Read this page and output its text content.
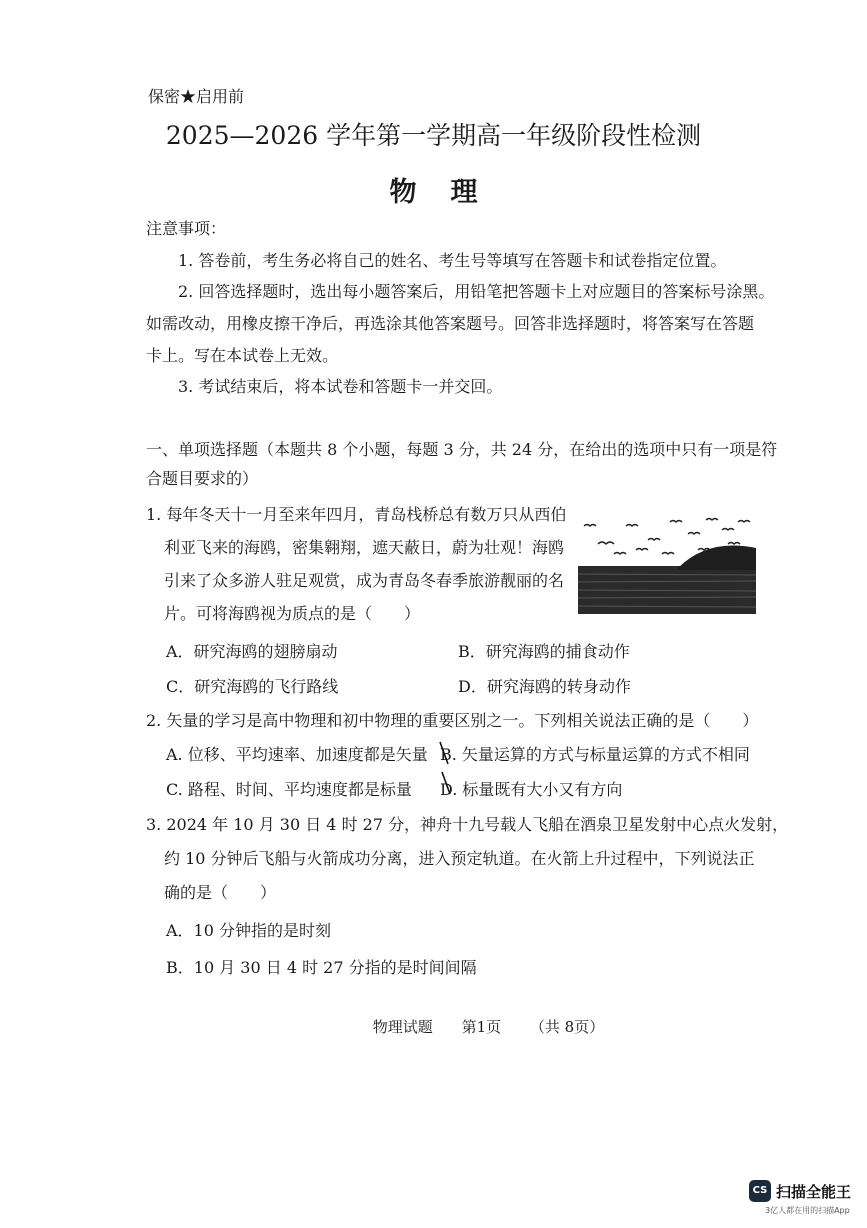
保密★启用前
2025—2026 学年第一学期高一年级阶段性检测
物理
注意事项：
1. 答卷前，考生务必将自己的姓名、考生号等填写在答题卡和试卷指定位置。
2. 回答选择题时，选出每小题答案后，用铅笔把答题卡上对应题目的答案标号涂黑。
如需改动，用橡皮擦干净后，再选涂其他答案题号。回答非选择题时，将答案写在答题
卡上。写在本试卷上无效。
3. 考试结束后，将本试卷和答题卡一并交回。
一、单项选择题（本题共 8 个小题，每题 3 分，共 24 分，在给出的选项中只有一项是符
合题目要求的）
1. 每年冬天十一月至来年四月，青岛栈桥总有数万只从西伯
利亚飞来的海鸥，密集翱翔，遮天蔽日，蔚为壮观！海鸥
引来了众多游人驻足观赏，成为青岛冬春季旅游靓丽的名
片。可将海鸥视为质点的是（　　）
A．研究海鸥的翅膀扇动	B．研究海鸥的捕食动作
C．研究海鸥的飞行路线	D．研究海鸥的转身动作
2. 矢量的学习是高中物理和初中物理的重要区别之一。下列相关说法正确的是（　　）
A. 位移、平均速率、加速度都是矢量 B. 矢量运算的方式与标量运算的方式不相同
C. 路程、时间、平均速度都是标量 D. 标量既有大小又有方向
3. 2024 年 10 月 30 日 4 时 27 分，神舟十九号载人飞船在酒泉卫星发射中心点火发射，
约 10 分钟后飞船与火箭成功分离，进入预定轨道。在火箭上升过程中，下列说法正
确的是（　　）
A．10 分钟指的是时刻
B．10 月 30 日 4 时 27 分指的是时间间隔
物理试题 第1页 （共 8页）
CS 扫描全能王
3亿人都在用的扫描App
